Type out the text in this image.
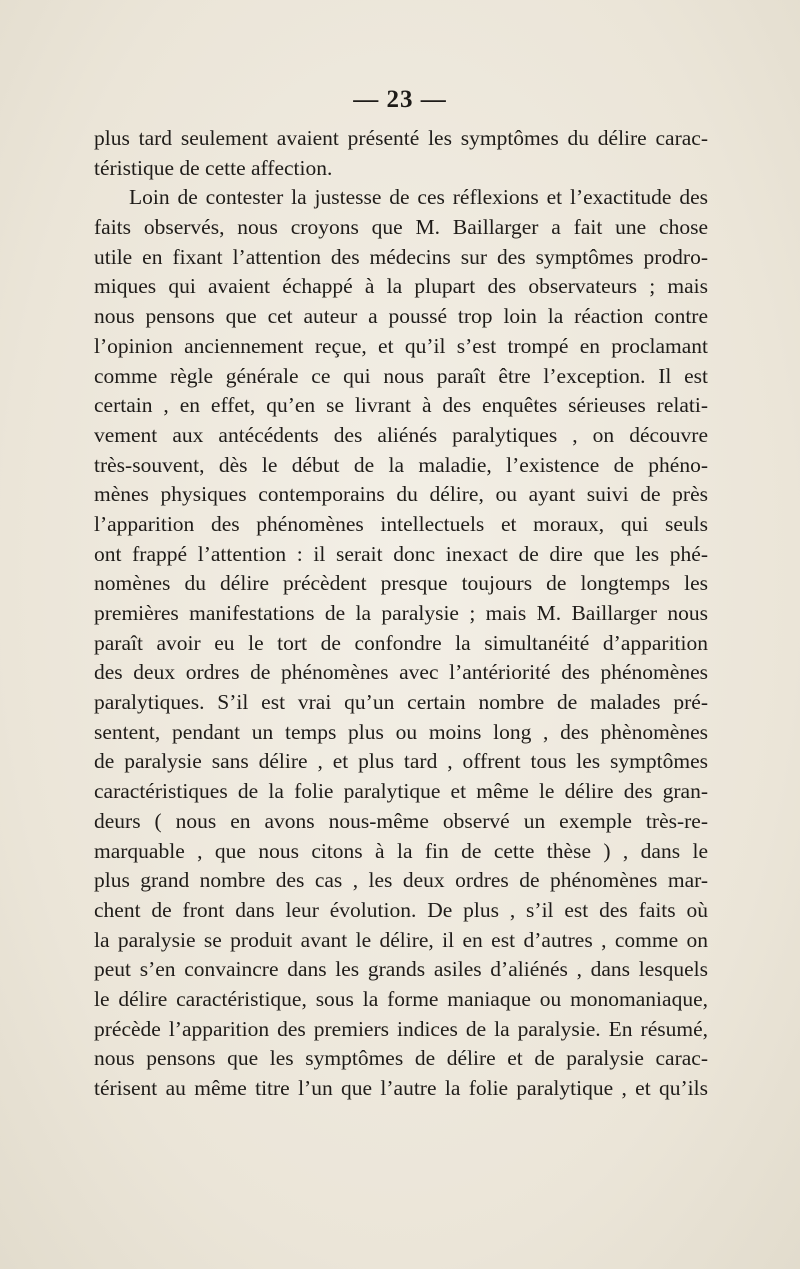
— 23 —
plus tard seulement avaient présenté les symptômes du délire carac-
téristique de cette affection.
Loin de contester la justesse de ces réflexions et l’exactitude des
faits observés, nous croyons que M. Baillarger a fait une chose
utile en fixant l’attention des médecins sur des symptômes prodro-
miques qui avaient échappé à la plupart des observateurs ; mais
nous pensons que cet auteur a poussé trop loin la réaction contre
l’opinion anciennement reçue, et qu’il s’est trompé en proclamant
comme règle générale ce qui nous paraît être l’exception. Il est
certain , en effet, qu’en se livrant à des enquêtes sérieuses relati-
vement aux antécédents des aliénés paralytiques , on découvre
très-souvent, dès le début de la maladie, l’existence de phéno-
mènes physiques contemporains du délire, ou ayant suivi de près
l’apparition des phénomènes intellectuels et moraux, qui seuls
ont frappé l’attention : il serait donc inexact de dire que les phé-
nomènes du délire précèdent presque toujours de longtemps les
premières manifestations de la paralysie ; mais M. Baillarger nous
paraît avoir eu le tort de confondre la simultanéité d’apparition
des deux ordres de phénomènes avec l’antériorité des phénomènes
paralytiques. S’il est vrai qu’un certain nombre de malades pré-
sentent, pendant un temps plus ou moins long , des phènomènes
de paralysie sans délire , et plus tard , offrent tous les symptômes
caractéristiques de la folie paralytique et même le délire des gran-
deurs ( nous en avons nous-même observé un exemple très-re-
marquable , que nous citons à la fin de cette thèse ) , dans le
plus grand nombre des cas , les deux ordres de phénomènes mar-
chent de front dans leur évolution. De plus , s’il est des faits où
la paralysie se produit avant le délire, il en est d’autres , comme on
peut s’en convaincre dans les grands asiles d’aliénés , dans lesquels
le délire caractéristique, sous la forme maniaque ou monomaniaque,
précède l’apparition des premiers indices de la paralysie. En résumé,
nous pensons que les symptômes de délire et de paralysie carac-
térisent au même titre l’un que l’autre la folie paralytique , et qu’ils
